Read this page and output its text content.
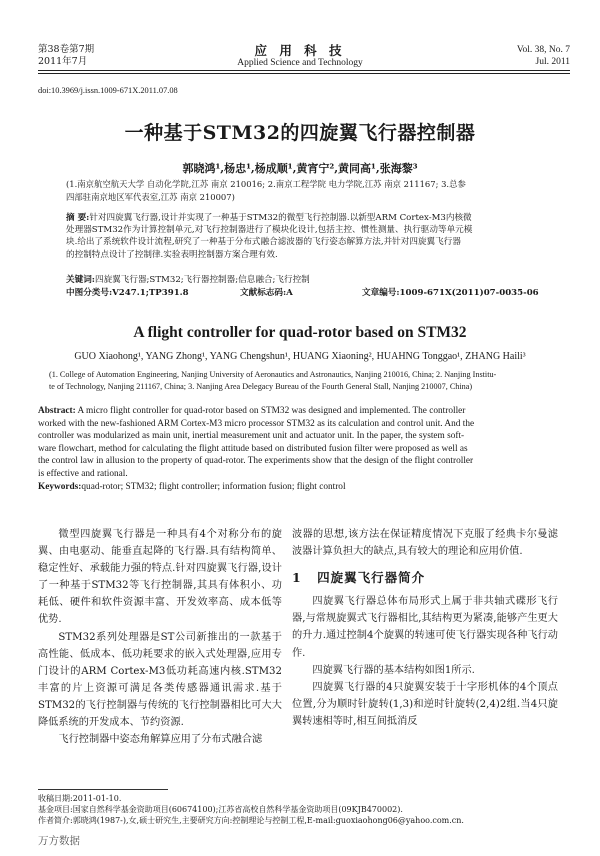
第38卷第7期
2011年7月
应 用 科 技
Applied Science and Technology
Vol. 38, No. 7
Jul. 2011
doi:10.3969/j.issn.1009-671X.2011.07.08
一种基于STM32的四旋翼飞行器控制器
郭晓鸿¹,杨忠¹,杨成顺¹,黄宵宁²,黄同高¹,张海黎³
(1.南京航空航天大学 自动化学院,江苏 南京 210016; 2.南京工程学院 电力学院,江苏 南京 211167; 3.总参
四部驻南京地区军代表室,江苏 南京 210007)
摘 要:针对四旋翼飞行器,设计并实现了一种基于STM32的微型飞行控制器.以新型ARM Cortex-M3内核微
处理器STM32作为计算控制单元,对飞行控制器进行了模块化设计,包括主控、惯性测量、执行驱动等单元模
块.给出了系统软件设计流程,研究了一种基于分布式融合滤波器的飞行姿态解算方法,并针对四旋翼飞行器
的控制特点设计了控制律.实验表明控制器方案合理有效.
关键词:四旋翼飞行器;STM32;飞行器控制器;信息融合;飞行控制
中图分类号:V247.1;TP391.8	文献标志码:A	文章编号:1009-671X(2011)07-0035-06
A flight controller for quad-rotor based on STM32
GUO Xiaohong¹, YANG Zhong¹, YANG Chengshun¹, HUANG Xiaoning², HUAHNG Tonggao¹, ZHANG Haili³
(1. College of Automation Engineering, Nanjing University of Aeronautics and Astronautics, Nanjing 210016, China; 2. Nanjing Institu-
te of Technology, Nanjing 211167, China; 3. Nanjing Area Delegacy Bureau of the Fourth General Stall, Nanjing 210007, China)
Abstract: A micro flight controller for quad-rotor based on STM32 was designed and implemented. The controller
worked with the new-fashioned ARM Cortex-M3 micro processor STM32 as its calculation and control unit. And the
controller was modularized as main unit, inertial measurement unit and actuator unit. In the paper, the system soft-
ware flowchart, method for calculating the flight attitude based on distributed fusion filter were proposed as well as
the control law in allusion to the property of quad-rotor. The experiments show that the design of the flight controller
is effective and rational.
Keywords:quad-rotor; STM32; flight controller; information fusion; flight control

微型四旋翼飞行器是一种具有4个对称分布的旋翼、由电驱动、能垂直起降的飞行器.具有结构简单、稳定性好、承载能力强的特点.针对四旋翼飞行器,设计了一种基于STM32等飞行控制器,其具有体积小、功耗低、硬件和软件资源丰富、开发效率高、成本低等优势.

STM32系列处理器是ST公司新推出的一款基于高性能、低成本、低功耗要求的嵌入式处理器,应用专门设计的ARM Cortex-M3低功耗高速内核.STM32丰富的片上资源可满足各类传感器通讯需求.基于STM32的飞行控制器与传统的飞行控制器相比可大大降低系统的开发成本、节约资源.

飞行控制器中姿态角解算应用了分布式融合滤

波器的思想,该方法在保证精度情况下克服了经典卡尔曼滤波器计算负担大的缺点,具有较大的理论和应用价值.

1 四旋翼飞行器简介

四旋翼飞行器总体布局形式上属于非共轴式碟形飞行器,与常规旋翼式飞行器相比,其结构更为紧凑,能够产生更大的升力.通过控制4个旋翼的转速可使飞行器实现各种飞行动作.

四旋翼飞行器的基本结构如图1所示.

四旋翼飞行器的4只旋翼安装于十字形机体的4个顶点位置,分为顺时针旋转(1,3)和逆时针旋转(2,4)2组.当4只旋翼转速相等时,相互间抵消反

收稿日期:2011-01-10.
基金项目:国家自然科学基金资助项目(60674100);江苏省高校自然科学基金资助项目(09KJB470002).
作者简介:郭晓鸿(1987-),女,硕士研究生,主要研究方向:控制理论与控制工程,E-mail:guoxiaohong06@yahoo.com.cn.
万方数据
